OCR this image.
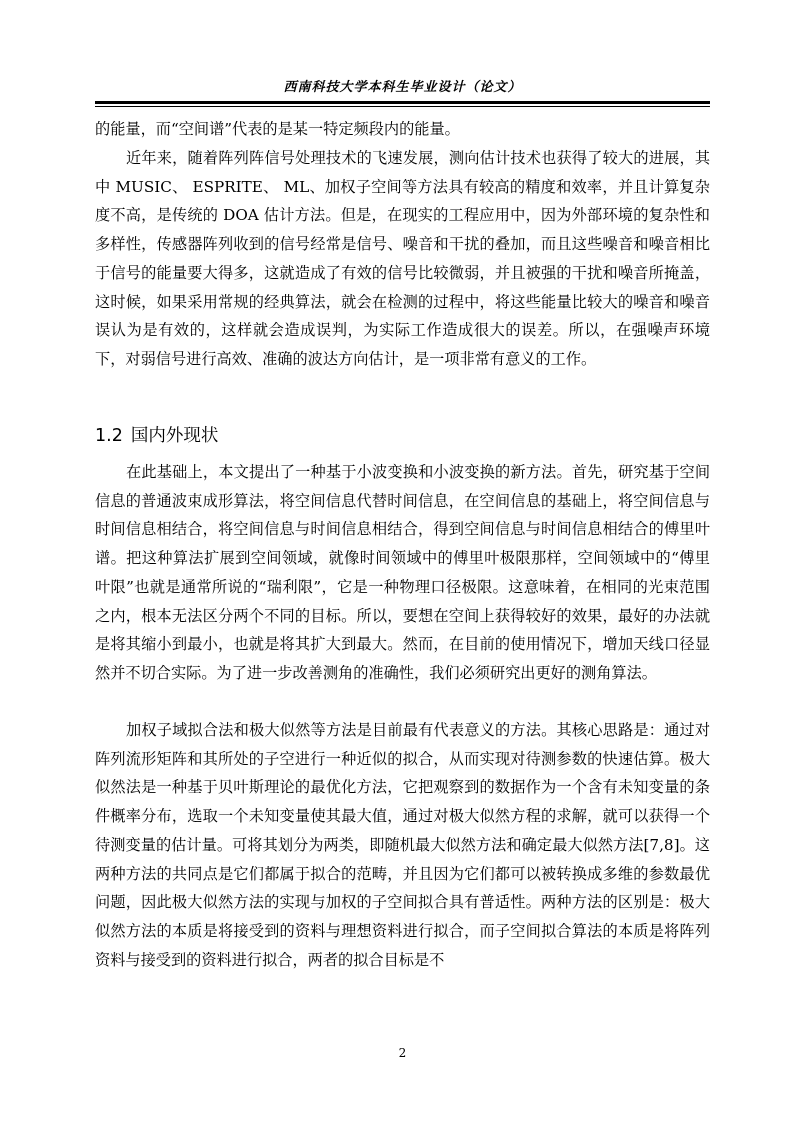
西南科技大学本科生毕业设计（论文）

的能量，而“空间谱”代表的是某一特定频段内的能量。

近年来，随着阵列阵信号处理技术的飞速发展，测向估计技术也获得了较大的进展，其中 MUSIC、 ESPRITE、 ML、加权子空间等方法具有较高的精度和效率，并且计算复杂度不高，是传统的 DOA 估计方法。但是，在现实的工程应用中，因为外部环境的复杂性和多样性，传感器阵列收到的信号经常是信号、噪音和干扰的叠加，而且这些噪音和噪音相比于信号的能量要大得多，这就造成了有效的信号比较微弱，并且被强的干扰和噪音所掩盖，这时候，如果采用常规的经典算法，就会在检测的过程中，将这些能量比较大的噪音和噪音误认为是有效的，这样就会造成误判，为实际工作造成很大的误差。所以，在强噪声环境下，对弱信号进行高效、准确的波达方向估计，是一项非常有意义的工作。

1.2 国内外现状

在此基础上，本文提出了一种基于小波变换和小波变换的新方法。首先，研究基于空间信息的普通波束成形算法，将空间信息代替时间信息，在空间信息的基础上，将空间信息与时间信息相结合，将空间信息与时间信息相结合，得到空间信息与时间信息相结合的傅里叶谱。把这种算法扩展到空间领域，就像时间领域中的傅里叶极限那样，空间领域中的“傅里叶限”也就是通常所说的“瑞利限”，它是一种物理口径极限。这意味着，在相同的光束范围之内，根本无法区分两个不同的目标。所以，要想在空间上获得较好的效果，最好的办法就是将其缩小到最小，也就是将其扩大到最大。然而，在目前的使用情况下，增加天线口径显然并不切合实际。为了进一步改善测角的准确性，我们必须研究出更好的测角算法。

加权子域拟合法和极大似然等方法是目前最有代表意义的方法。其核心思路是：通过对阵列流形矩阵和其所处的子空进行一种近似的拟合，从而实现对待测参数的快速估算。极大似然法是一种基于贝叶斯理论的最优化方法，它把观察到的数据作为一个含有未知变量的条件概率分布，选取一个未知变量使其最大值，通过对极大似然方程的求解，就可以获得一个待测变量的估计量。可将其划分为两类，即随机最大似然方法和确定最大似然方法[7,8]。这两种方法的共同点是它们都属于拟合的范畴，并且因为它们都可以被转换成多维的参数最优问题，因此极大似然方法的实现与加权的子空间拟合具有普适性。两种方法的区别是：极大似然方法的本质是将接受到的资料与理想资料进行拟合，而子空间拟合算法的本质是将阵列资料与接受到的资料进行拟合，两者的拟合目标是不

2
